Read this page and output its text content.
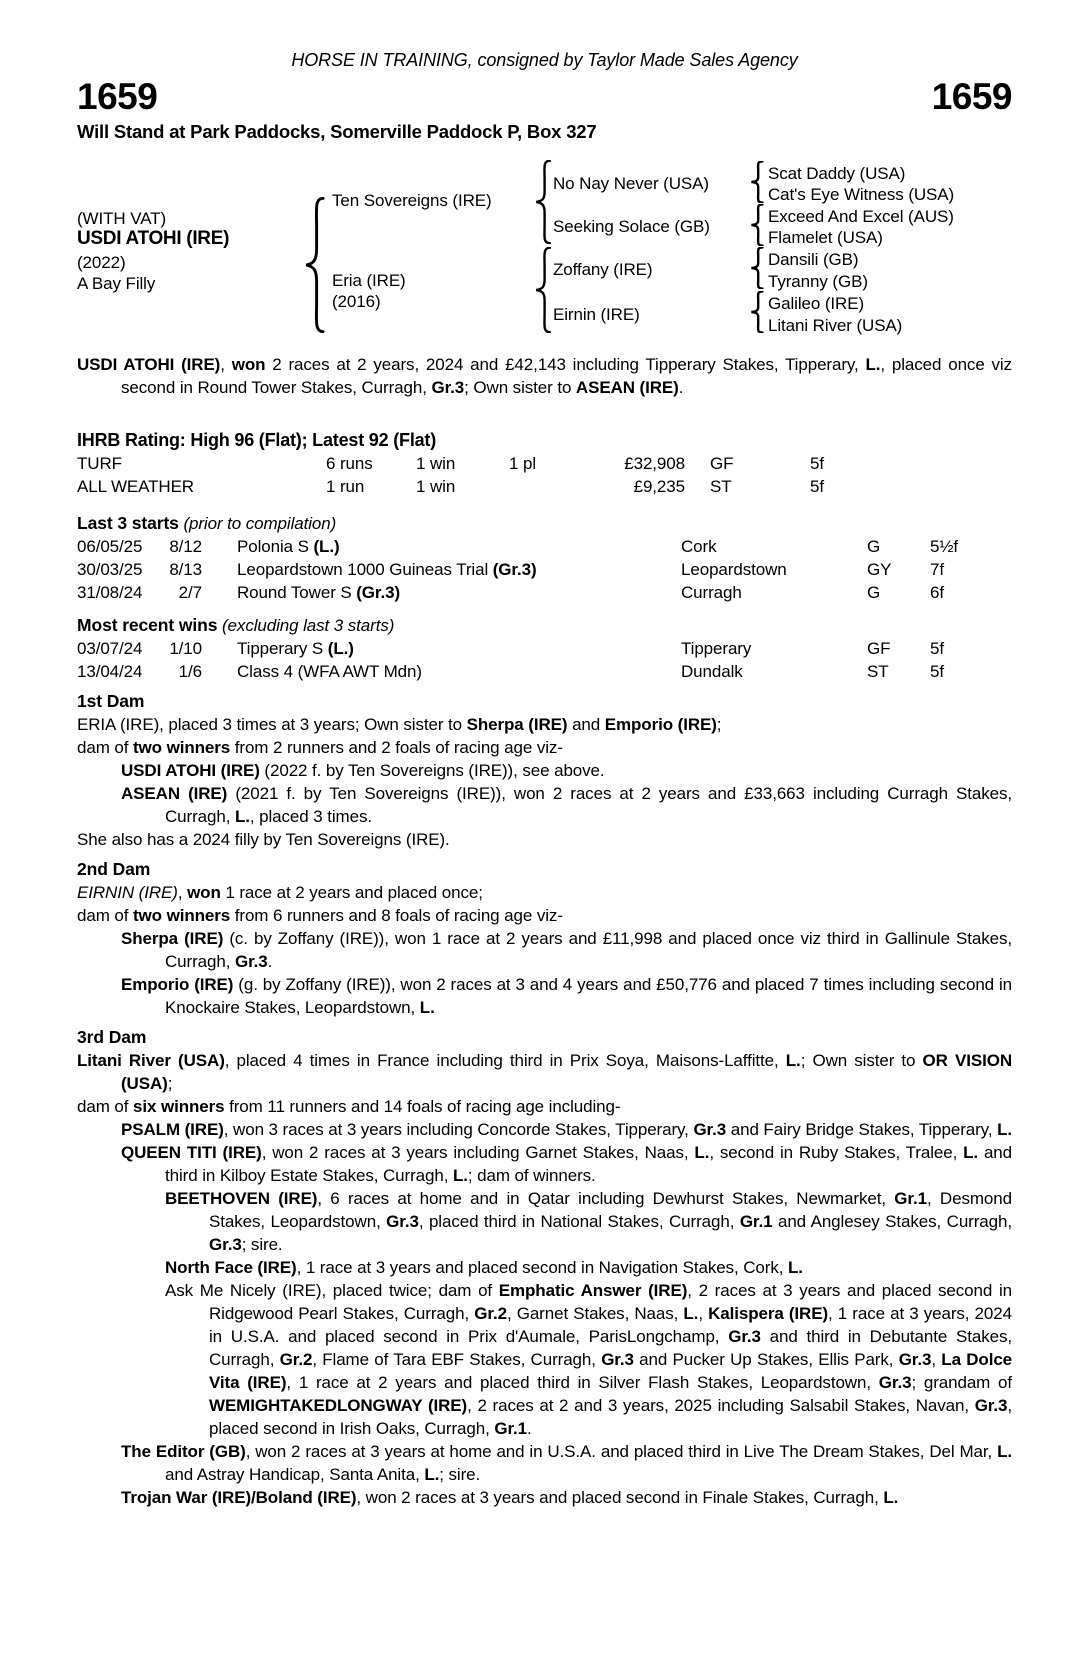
HORSE IN TRAINING, consigned by Taylor Made Sales Agency
1659	1659
Will Stand at Park Paddocks, Somerville Paddock P, Box 327
(WITH VAT)
USDI ATOHI (IRE)
(2022)
A Bay Filly
Ten Sovereigns (IRE)
Eria (IRE)
(2016)
No Nay Never (USA)
Seeking Solace (GB)
Zoffany (IRE)
Eirnin (IRE)
Scat Daddy (USA)
Cat's Eye Witness (USA)
Exceed And Excel (AUS)
Flamelet (USA)
Dansili (GB)
Tyranny (GB)
Galileo (IRE)
Litani River (USA)
USDI ATOHI (IRE), won 2 races at 2 years, 2024 and £42,143 including Tipperary Stakes, Tipperary, L., placed once viz second in Round Tower Stakes, Curragh, Gr.3; Own sister to ASEAN (IRE).
IHRB Rating: High 96 (Flat); Latest 92 (Flat)
TURF	6 runs	1 win	1 pl	£32,908	GF	5f
ALL WEATHER	1 run	1 win	£9,235	ST	5f
Last 3 starts (prior to compilation)
06/05/25	8/12	Polonia S (L.)	Cork	G	5½f
30/03/25	8/13	Leopardstown 1000 Guineas Trial (Gr.3)	Leopardstown	GY	7f
31/08/24	2/7	Round Tower S (Gr.3)	Curragh	G	6f
Most recent wins (excluding last 3 starts)
03/07/24	1/10	Tipperary S (L.)	Tipperary	GF	5f
13/04/24	1/6	Class 4 (WFA AWT Mdn)	Dundalk	ST	5f
1st Dam
ERIA (IRE), placed 3 times at 3 years; Own sister to Sherpa (IRE) and Emporio (IRE);
dam of two winners from 2 runners and 2 foals of racing age viz-
USDI ATOHI (IRE) (2022 f. by Ten Sovereigns (IRE)), see above.
ASEAN (IRE) (2021 f. by Ten Sovereigns (IRE)), won 2 races at 2 years and £33,663 including Curragh Stakes, Curragh, L., placed 3 times.
She also has a 2024 filly by Ten Sovereigns (IRE).
2nd Dam
EIRNIN (IRE), won 1 race at 2 years and placed once;
dam of two winners from 6 runners and 8 foals of racing age viz-
Sherpa (IRE) (c. by Zoffany (IRE)), won 1 race at 2 years and £11,998 and placed once viz third in Gallinule Stakes, Curragh, Gr.3.
Emporio (IRE) (g. by Zoffany (IRE)), won 2 races at 3 and 4 years and £50,776 and placed 7 times including second in Knockaire Stakes, Leopardstown, L.
3rd Dam
Litani River (USA), placed 4 times in France including third in Prix Soya, Maisons-Laffitte, L.; Own sister to OR VISION (USA);
dam of six winners from 11 runners and 14 foals of racing age including-
PSALM (IRE), won 3 races at 3 years including Concorde Stakes, Tipperary, Gr.3 and Fairy Bridge Stakes, Tipperary, L.
QUEEN TITI (IRE), won 2 races at 3 years including Garnet Stakes, Naas, L., second in Ruby Stakes, Tralee, L. and third in Kilboy Estate Stakes, Curragh, L.; dam of winners.
BEETHOVEN (IRE), 6 races at home and in Qatar including Dewhurst Stakes, Newmarket, Gr.1, Desmond Stakes, Leopardstown, Gr.3, placed third in National Stakes, Curragh, Gr.1 and Anglesey Stakes, Curragh, Gr.3; sire.
North Face (IRE), 1 race at 3 years and placed second in Navigation Stakes, Cork, L.
Ask Me Nicely (IRE), placed twice; dam of Emphatic Answer (IRE), 2 races at 3 years and placed second in Ridgewood Pearl Stakes, Curragh, Gr.2, Garnet Stakes, Naas, L., Kalispera (IRE), 1 race at 3 years, 2024 in U.S.A. and placed second in Prix d'Aumale, ParisLongchamp, Gr.3 and third in Debutante Stakes, Curragh, Gr.2, Flame of Tara EBF Stakes, Curragh, Gr.3 and Pucker Up Stakes, Ellis Park, Gr.3, La Dolce Vita (IRE), 1 race at 2 years and placed third in Silver Flash Stakes, Leopardstown, Gr.3; grandam of WEMIGHTAKEDLONGWAY (IRE), 2 races at 2 and 3 years, 2025 including Salsabil Stakes, Navan, Gr.3, placed second in Irish Oaks, Curragh, Gr.1.
The Editor (GB), won 2 races at 3 years at home and in U.S.A. and placed third in Live The Dream Stakes, Del Mar, L. and Astray Handicap, Santa Anita, L.; sire.
Trojan War (IRE)/Boland (IRE), won 2 races at 3 years and placed second in Finale Stakes, Curragh, L.
